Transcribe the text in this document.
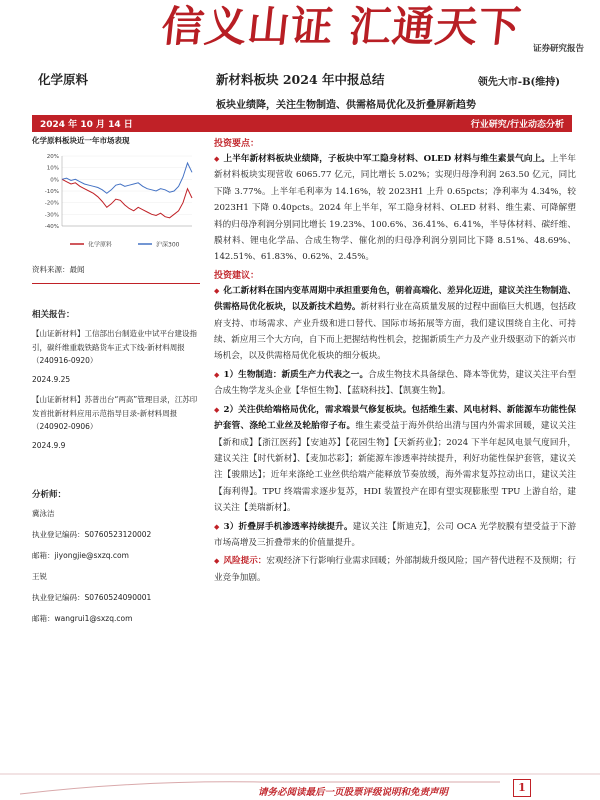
信义山证 汇通天下 证券研究报告
化学原料	新材料板块 2024 年中报总结	领先大市-B(维持)
板块业绩降，关注生物制造、供需格局优化及折叠屏新趋势
2024 年 10 月 14 日	行业研究/行业动态分析
化学原料板块近一年市场表现
20%
10%
0%
-10%
-20%
-30%
-40%
化学原料	沪深300
资料来源：最闻
相关报告：
【山证新材料】工信部出台制造业中试平台建设指引，碳纤维重载铁路货车正式下线-新材料周报（240916-0920）
2024.9.25
【山证新材料】苏普出台“两高”管理目录，江苏印发首批新材料应用示范指导目录-新材料周报（240902-0906）
2024.9.9
分析师：
冀泳洁
执业登记编码：S0760523120002
邮箱：jiyongjie@sxzq.com
王锐
执业登记编码：S0760524090001
邮箱：wangrui1@sxzq.com
投资要点：
◆ 上半年新材料板块业绩降，子板块中军工隐身材料、OLED 材料与维生素景气向上。上半年新材料板块实现营收 6065.77 亿元，同比增长 5.02%；实现归母净利润 263.50 亿元，同比下降 3.77%。上半年毛利率为 14.16%，较 2023H1 上升 0.65pcts；净利率为 4.34%，较 2023H1 下降 0.40pcts。2024 年上半年，军工隐身材料、OLED 材料、维生素、可降解塑料的归母净利润分别同比增长 19.23%、100.6%、36.41%、6.41%，半导体材料、碳纤维、膜材料、锂电化学品、合成生物学、催化剂的归母净利润分别同比下降 8.51%、48.69%、142.51%、61.83%、0.62%、2.45%。
投资建议：
◆ 化工新材料在国内变革周期中承担重要角色，朝着高端化、差异化迈进，建议关注生物制造、供需格局优化板块，以及新技术趋势。新材料行业在高质量发展的过程中面临巨大机遇，包括政府支持、市场需求、产业升级和进口替代、国际市场拓展等方面，我们建议围绕自主化、可持续、新应用三个大方向，自下而上把握结构性机会，挖掘新质生产力及产业升级驱动下的新兴市场机会，以及供需格局优化板块的细分板块。
◆ 1）生物制造：新质生产力代表之一。合成生物技术具备绿色、降本等优势，建议关注平台型合成生物学龙头企业【华恒生物】、【蓝晓科技】、【凯赛生物】。
◆ 2）关注供给端格局优化，需求端景气修复板块。包括维生素、风电材料、新能源车功能性保护套管、涤纶工业丝及轮胎帘子布。维生素受益于海外供给出清与国内外需求回暖，建议关注【新和成】【浙江医药】【安迪苏】【花园生物】【天新药业】；2024 下半年起风电景气度回升，建议关注【时代新材】、【麦加芯彩】；新能源车渗透率持续提升，利好功能性保护套管，建议关注【骏鼎达】；近年来涤纶工业丝供给端产能释放节奏放缓，海外需求复苏拉动出口，建议关注【海利得】。TPU 终端需求逐步复苏，HDI 装置投产在即有望实现膨胀型 TPU 上游自给，建议关注【美瑞新材】。
◆ 3）折叠屏手机渗透率持续提升。建议关注【斯迪克】，公司 OCA 光学胶膜有望受益于下游市场高增及三折叠带来的价值量提升。
◆ 风险提示：宏观经济下行影响行业需求回暖；外部制裁升级风险；国产替代进程不及预期；行业竞争加剧。
请务必阅读最后一页股票评级说明和免责声明	1
